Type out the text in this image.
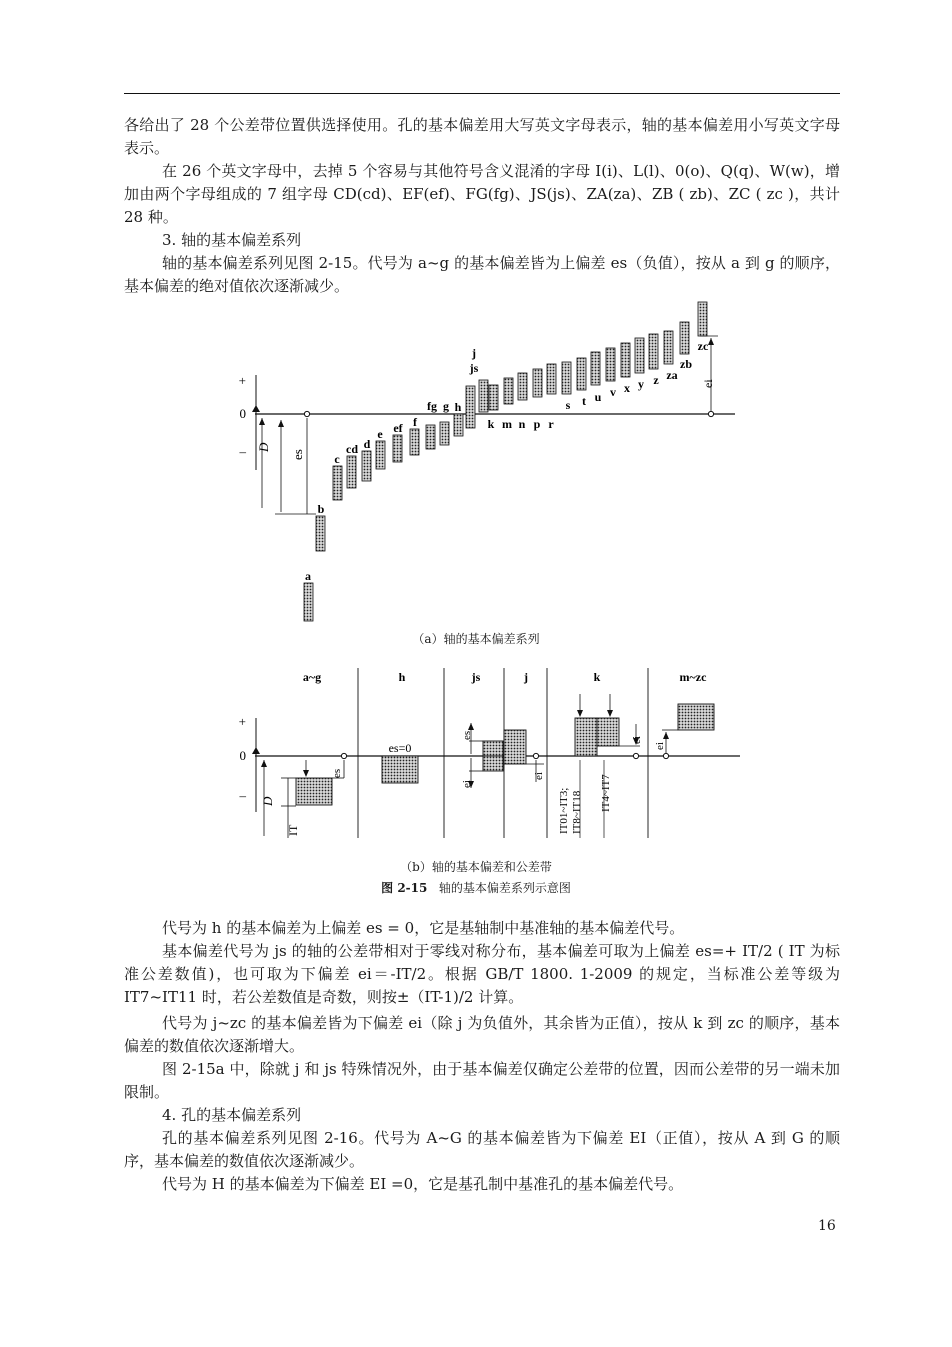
各给出了 28 个公差带位置供选择使用。孔的基本偏差用大写英文字母表示，轴的基本偏差用小写英文字母表示。

在 26 个英文字母中，去掉 5 个容易与其他符号含义混淆的字母 I(i)、L(l)、0(o)、Q(q)、W(w)，增加由两个字母组成的 7 组字母 CD(cd)、EF(ef)、FG(fg)、JS(js)、ZA(za)、ZB ( zb)、ZC ( zc )，共计 28 种。

3. 轴的基本偏差系列

轴的基本偏差系列见图 2-15。代号为 a~g 的基本偏差皆为上偏差 es（负值），按从 a 到 g 的顺序，基本偏差的绝对值依次逐渐减少。

+
0
– D
es
a
b
c
cd d
e ef f
fg g h
j
js
k m n p r
s t u v x y z za
zb
zc
ei
a~g	h	js	j	k	m~zc
+
0
– D
IT
es
es=0
es
ei
ei
ei
IT01~IT3; IT8~IT18 IT4~IT7
ei
（a）轴的基本偏差系列
（b）轴的基本偏差和公差带
图 2-15 轴的基本偏差系列示意图

代号为 h 的基本偏差为上偏差 es = 0，它是基轴制中基准轴的基本偏差代号。

基本偏差代号为 js 的轴的公差带相对于零线对称分布，基本偏差可取为上偏差 es=+ IT/2 ( IT 为标准公差数值)，也可取为下偏差 ei＝-IT/2。根据 GB/T 1800. 1-2009 的规定，当标准公差等级为 IT7~IT11 时，若公差数值是奇数，则按±（IT-1)/2 计算。

代号为 j~zc 的基本偏差皆为下偏差 ei（除 j 为负值外，其余皆为正值），按从 k 到 zc 的顺序，基本偏差的数值依次逐渐增大。

图 2-15a 中，除就 j 和 js 特殊情况外，由于基本偏差仅确定公差带的位置，因而公差带的另一端未加限制。

4. 孔的基本偏差系列

孔的基本偏差系列见图 2-16。代号为 A~G 的基本偏差皆为下偏差 EI（正值），按从 A 到 G 的顺序，基本偏差的数值依次逐渐减少。

代号为 H 的基本偏差为下偏差 EI =0，它是基孔制中基准孔的基本偏差代号。

16
